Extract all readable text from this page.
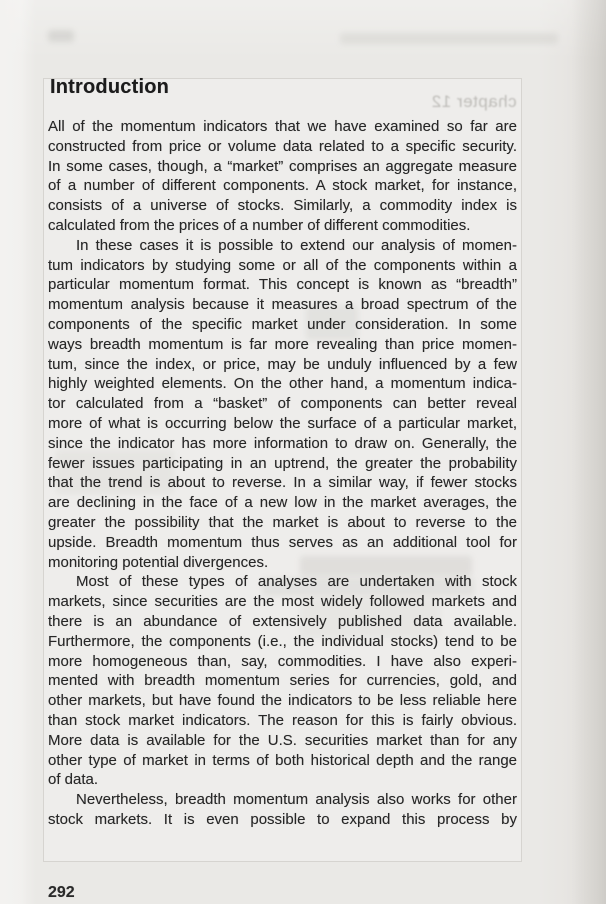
chapter 12
Introduction
All of the momentum indicators that we have examined so far are
constructed from price or volume data related to a specific security.
In some cases, though, a “market” comprises an aggregate measure
of a number of different components. A stock market, for instance,
consists of a universe of stocks. Similarly, a commodity index is
calculated from the prices of a number of different commodities.
In these cases it is possible to extend our analysis of momen-
tum indicators by studying some or all of the components within a
particular momentum format. This concept is known as “breadth”
momentum analysis because it measures a broad spectrum of the
components of the specific market under consideration. In some
ways breadth momentum is far more revealing than price momen-
tum, since the index, or price, may be unduly influenced by a few
highly weighted elements. On the other hand, a momentum indica-
tor calculated from a “basket” of components can better reveal
more of what is occurring below the surface of a particular market,
since the indicator has more information to draw on. Generally, the
fewer issues participating in an uptrend, the greater the probability
that the trend is about to reverse. In a similar way, if fewer stocks
are declining in the face of a new low in the market averages, the
greater the possibility that the market is about to reverse to the
upside. Breadth momentum thus serves as an additional tool for
monitoring potential divergences.
Most of these types of analyses are undertaken with stock
markets, since securities are the most widely followed markets and
there is an abundance of extensively published data available.
Furthermore, the components (i.e., the individual stocks) tend to be
more homogeneous than, say, commodities. I have also experi-
mented with breadth momentum series for currencies, gold, and
other markets, but have found the indicators to be less reliable here
than stock market indicators. The reason for this is fairly obvious.
More data is available for the U.S. securities market than for any
other type of market in terms of both historical depth and the range
of data.
Nevertheless, breadth momentum analysis also works for other
stock markets. It is even possible to expand this process by
292
